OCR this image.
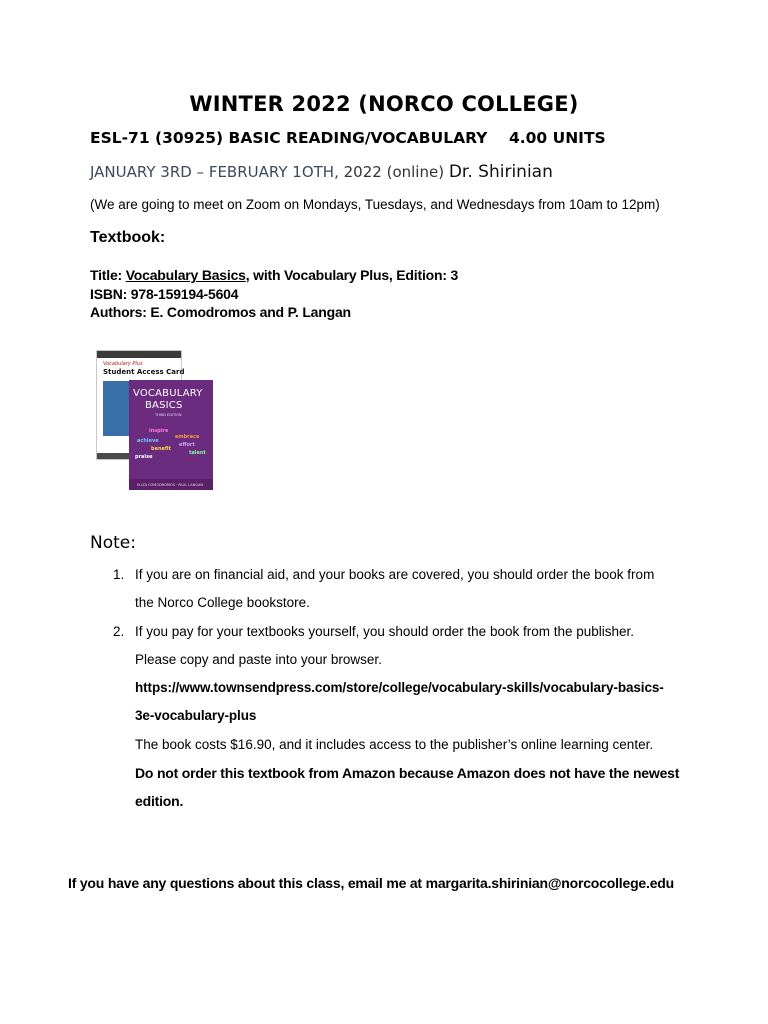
WINTER 2022 (NORCO COLLEGE)
ESL-71 (30925) BASIC READING/VOCABULARY    4.00 UNITS
JANUARY 3RD – FEBRUARY 1OTH, 2022 (online) Dr. Shirinian
(We are going to meet on Zoom on Mondays, Tuesdays, and Wednesdays from 10am to 12pm)
Textbook:
Title: Vocabulary Basics, with Vocabulary Plus, Edition: 3
ISBN: 978-159194-5604
Authors: E. Comodromos and P. Langan
Vocabulary Plus
Student Access Card
VOCABULARY
BASICS
THIRD EDITION
inspire
embrace
achieve
benefit
talent
praise
effort
ELIZA COMODROMOS · PAUL LANGAN
Note:
1. If you are on financial aid, and your books are covered, you should order the book from
the Norco College bookstore.
2. If you pay for your textbooks yourself, you should order the book from the publisher.
Please copy and paste into your browser.
https://www.townsendpress.com/store/college/vocabulary-skills/vocabulary-basics-
3e-vocabulary-plus
The book costs $16.90, and it includes access to the publisher’s online learning center.
Do not order this textbook from Amazon because Amazon does not have the newest
edition.
If you have any questions about this class, email me at margarita.shirinian@norcocollege.edu
